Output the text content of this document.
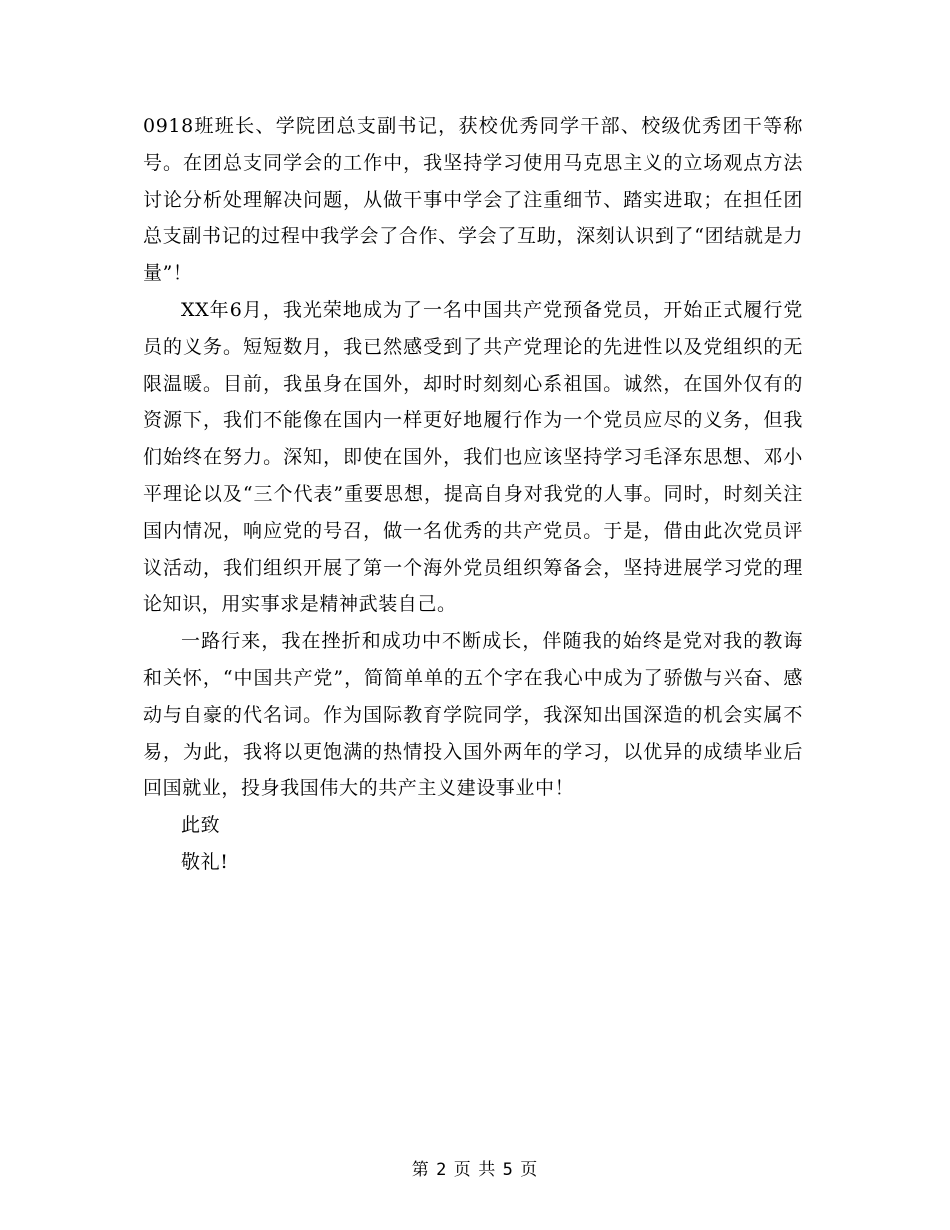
0918班班长、学院团总支副书记，获校优秀同学干部、校级优秀团干等称号。在团总支同学会的工作中，我坚持学习使用马克思主义的立场观点方法讨论分析处理解决问题，从做干事中学会了注重细节、踏实进取；在担任团总支副书记的过程中我学会了合作、学会了互助，深刻认识到了“团结就是力量”！

XX年6月，我光荣地成为了一名中国共产党预备党员，开始正式履行党员的义务。短短数月，我已然感受到了共产党理论的先进性以及党组织的无限温暖。目前，我虽身在国外，却时时刻刻心系祖国。诚然，在国外仅有的资源下，我们不能像在国内一样更好地履行作为一个党员应尽的义务，但我们始终在努力。深知，即使在国外，我们也应该坚持学习毛泽东思想、邓小平理论以及“三个代表”重要思想，提高自身对我党的人事。同时，时刻关注国内情况，响应党的号召，做一名优秀的共产党员。于是，借由此次党员评议活动，我们组织开展了第一个海外党员组织筹备会，坚持进展学习党的理论知识，用实事求是精神武装自己。

一路行来，我在挫折和成功中不断成长，伴随我的始终是党对我的教诲和关怀，“中国共产党”，简简单单的五个字在我心中成为了骄傲与兴奋、感动与自豪的代名词。作为国际教育学院同学，我深知出国深造的机会实属不易，为此，我将以更饱满的热情投入国外两年的学习，以优异的成绩毕业后回国就业，投身我国伟大的共产主义建设事业中！

此致

敬礼!

第 2 页 共 5 页
